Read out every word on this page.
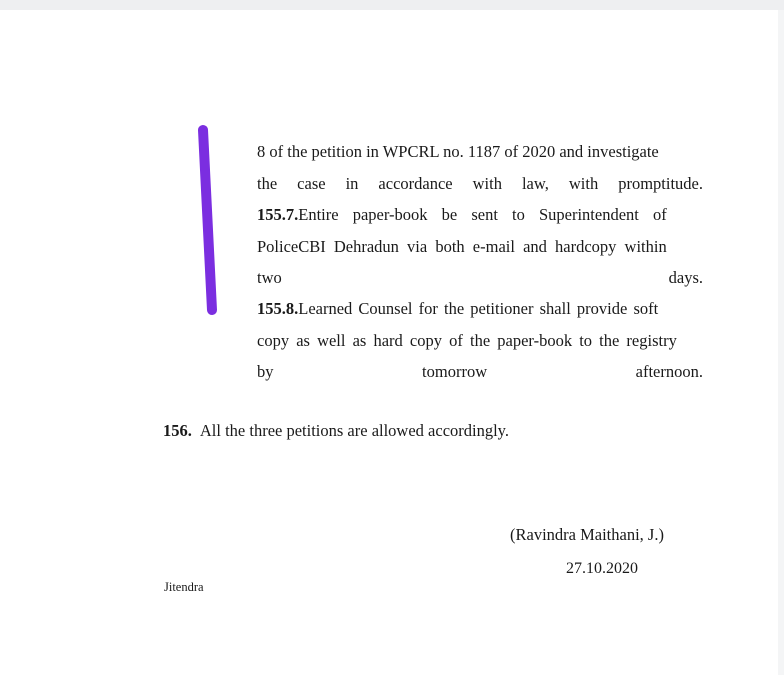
8 of the petition in WPCRL no. 1187 of 2020 and investigate
the case in accordance with law, with promptitude.
155.7.Entire paper-book be sent to Superintendent of
PoliceCBI Dehradun via both e-mail and hardcopy within
two days.
155.8.Learned Counsel for the petitioner shall provide soft
copy as well as hard copy of the paper-book to the registry
by tomorrow afternoon.
156. All the three petitions are allowed accordingly.
(Ravindra Maithani, J.)
27.10.2020
Jitendra
